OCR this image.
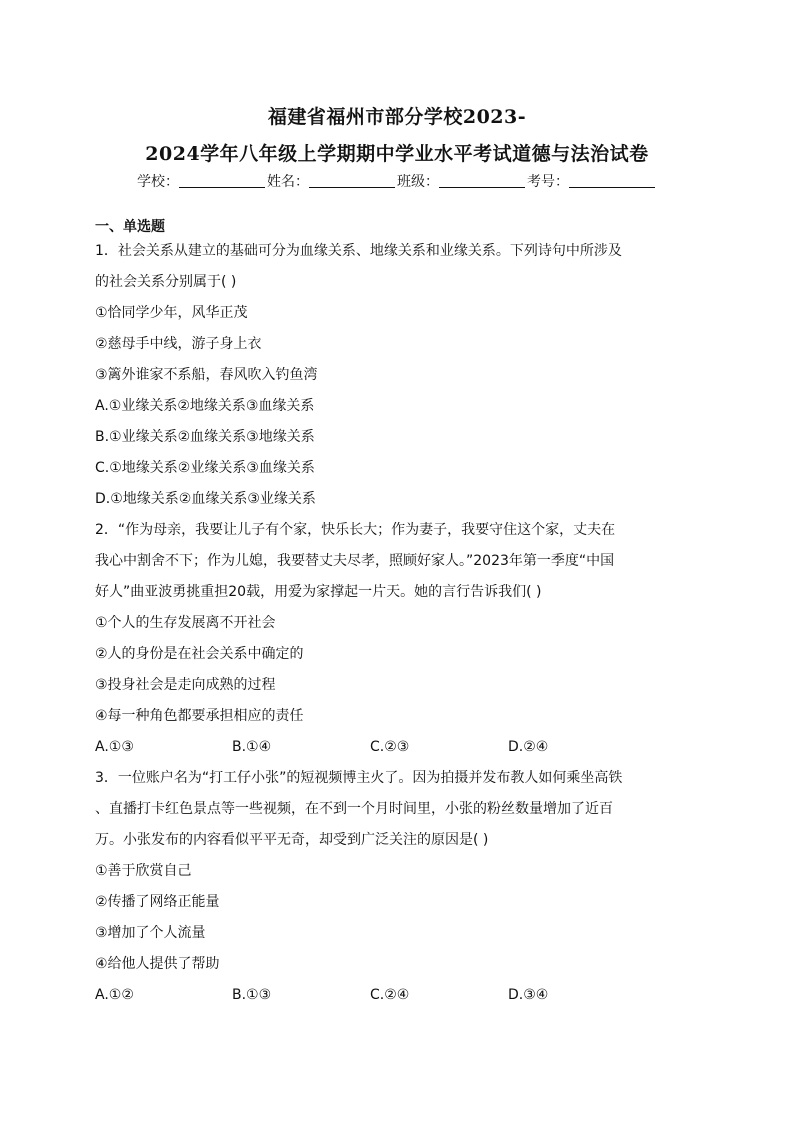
福建省福州市部分学校2023-
2024学年八年级上学期期中学业水平考试道德与法治试卷
学校：	姓名：	班级：	考号：
一、单选题
1．社会关系从建立的基础可分为血缘关系、地缘关系和业缘关系。下列诗句中所涉及
的社会关系分别属于( )
①恰同学少年，风华正茂
②慈母手中线，游子身上衣
③篱外谁家不系船，春风吹入钓鱼湾
A.①业缘关系②地缘关系③血缘关系
B.①业缘关系②血缘关系③地缘关系
C.①地缘关系②业缘关系③血缘关系
D.①地缘关系②血缘关系③业缘关系
2．“作为母亲，我要让儿子有个家，快乐长大；作为妻子，我要守住这个家，丈夫在
我心中割舍不下；作为儿媳，我要替丈夫尽孝，照顾好家人。”2023年第一季度“中国
好人”曲亚波勇挑重担20载，用爱为家撑起一片天。她的言行告诉我们( )
①个人的生存发展离不开社会
②人的身份是在社会关系中确定的
③投身社会是走向成熟的过程
④每一种角色都要承担相应的责任
A.①③	B.①④	C.②③	D.②④
3．一位账户名为“打工仔小张”的短视频博主火了。因为拍摄并发布教人如何乘坐高铁
、直播打卡红色景点等一些视频，在不到一个月时间里，小张的粉丝数量增加了近百
万。小张发布的内容看似平平无奇，却受到广泛关注的原因是( )
①善于欣赏自己
②传播了网络正能量
③增加了个人流量
④给他人提供了帮助
A.①②	B.①③	C.②④	D.③④
